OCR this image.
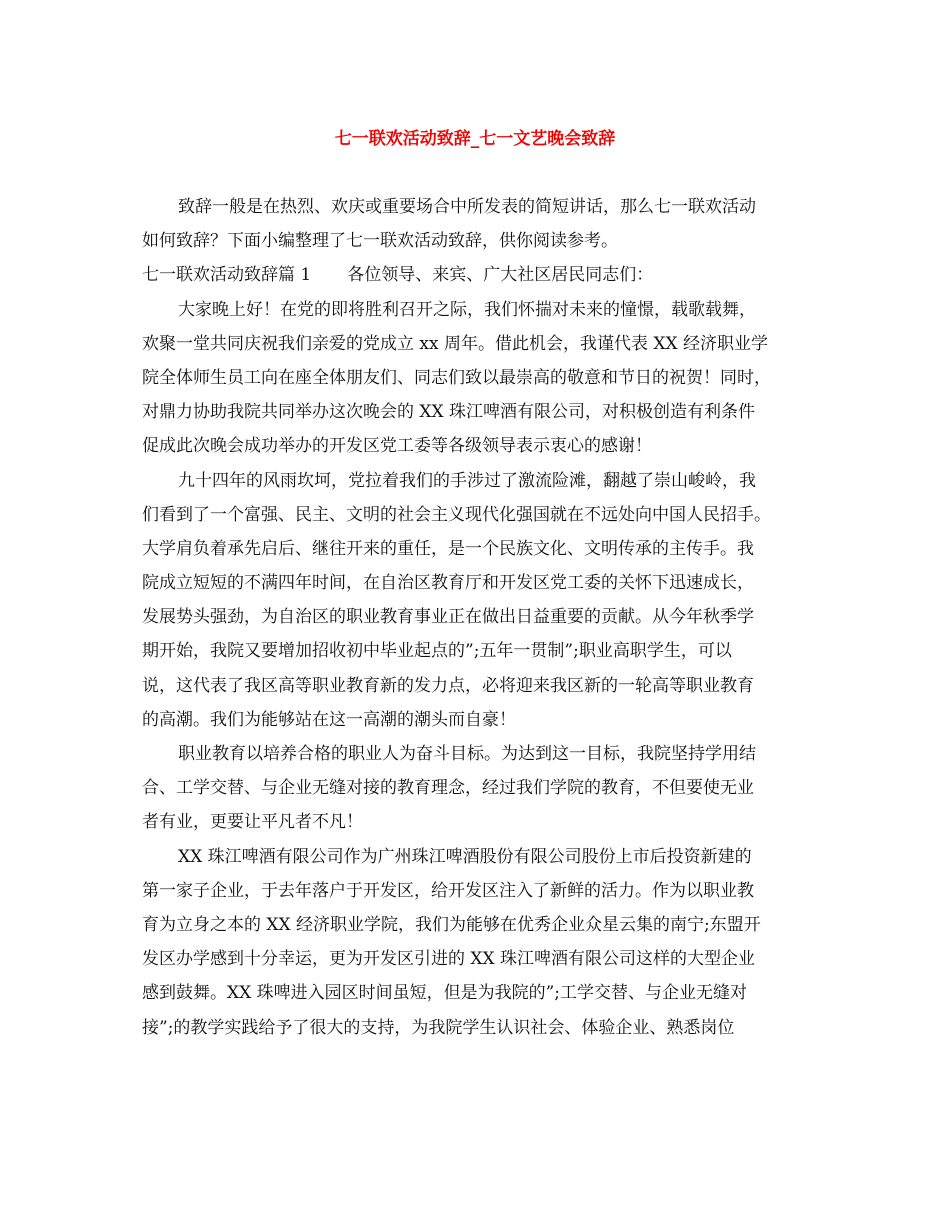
七一联欢活动致辞_七一文艺晚会致辞
致辞一般是在热烈、欢庆或重要场合中所发表的简短讲话，那么七一联欢活动
如何致辞？下面小编整理了七一联欢活动致辞，供你阅读参考。
七一联欢活动致辞篇 1 各位领导、来宾、广大社区居民同志们：
大家晚上好！在党的即将胜利召开之际，我们怀揣对未来的憧憬，载歌载舞，
欢聚一堂共同庆祝我们亲爱的党成立 xx 周年。借此机会，我谨代表 XX 经济职业学
院全体师生员工向在座全体朋友们、同志们致以最崇高的敬意和节日的祝贺！同时，
对鼎力协助我院共同举办这次晚会的 XX 珠江啤酒有限公司，对积极创造有利条件
促成此次晚会成功举办的开发区党工委等各级领导表示衷心的感谢！
九十四年的风雨坎坷，党拉着我们的手涉过了激流险滩，翻越了崇山峻岭，我
们看到了一个富强、民主、文明的社会主义现代化强国就在不远处向中国人民招手。
大学肩负着承先启后、继往开来的重任，是一个民族文化、文明传承的主传手。我
院成立短短的不满四年时间，在自治区教育厅和开发区党工委的关怀下迅速成长，
发展势头强劲，为自治区的职业教育事业正在做出日益重要的贡献。从今年秋季学
期开始，我院又要增加招收初中毕业起点的”;五年一贯制”;职业高职学生，可以
说，这代表了我区高等职业教育新的发力点，必将迎来我区新的一轮高等职业教育
的高潮。我们为能够站在这一高潮的潮头而自豪！
职业教育以培养合格的职业人为奋斗目标。为达到这一目标，我院坚持学用结
合、工学交替、与企业无缝对接的教育理念，经过我们学院的教育，不但要使无业
者有业，更要让平凡者不凡！
XX 珠江啤酒有限公司作为广州珠江啤酒股份有限公司股份上市后投资新建的
第一家子企业，于去年落户于开发区，给开发区注入了新鲜的活力。作为以职业教
育为立身之本的 XX 经济职业学院，我们为能够在优秀企业众星云集的南宁;东盟开
发区办学感到十分幸运，更为开发区引进的 XX 珠江啤酒有限公司这样的大型企业
感到鼓舞。XX 珠啤进入园区时间虽短，但是为我院的”;工学交替、与企业无缝对
接”;的教学实践给予了很大的支持，为我院学生认识社会、体验企业、熟悉岗位
